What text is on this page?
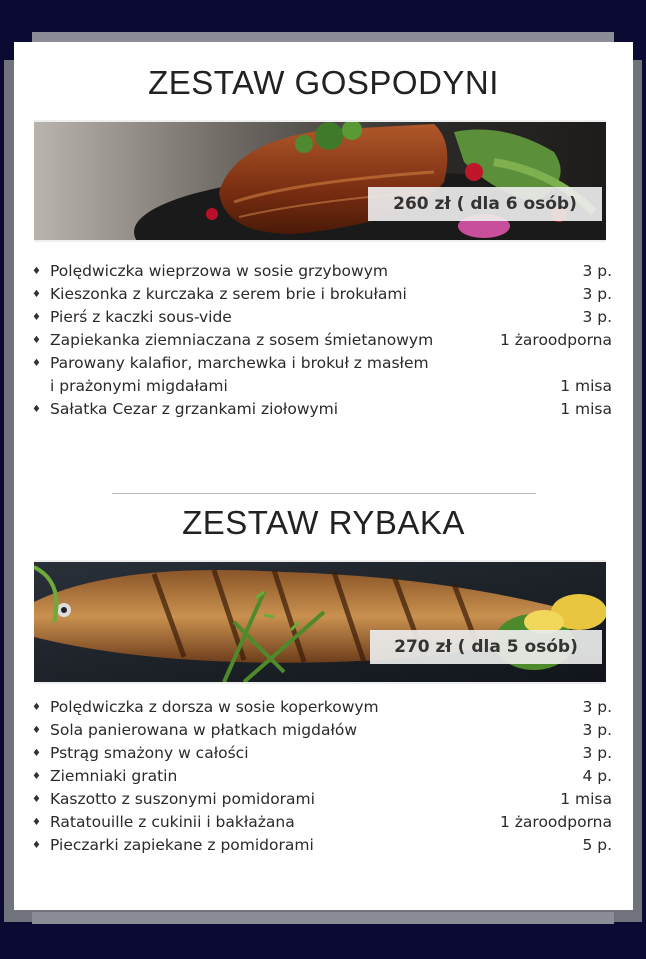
ZESTAW GOSPODYNI
260 zł ( dla 6 osób)
♦ Polędwiczka wieprzowa w sosie grzybowym	3 p.
♦ Kieszonka z kurczaka z serem brie i brokułami	3 p.
♦ Pierś z kaczki sous-vide	3 p.
♦ Zapiekanka ziemniaczana z sosem śmietanowym	1 żaroodporna
♦ Parowany kalafior, marchewka i brokuł z masłem
i prażonymi migdałami	1 misa
♦ Sałatka Cezar z grzankami ziołowymi	1 misa
ZESTAW RYBAKA
270 zł ( dla 5 osób)
♦ Polędwiczka z dorsza w sosie koperkowym	3 p.
♦ Sola panierowana w płatkach migdałów	3 p.
♦ Pstrąg smażony w całości	3 p.
♦ Ziemniaki gratin	4 p.
♦ Kaszotto z suszonymi pomidorami	1 misa
♦ Ratatouille z cukinii i bakłażana	1 żaroodporna
♦ Pieczarki zapiekane z pomidorami	5 p.
